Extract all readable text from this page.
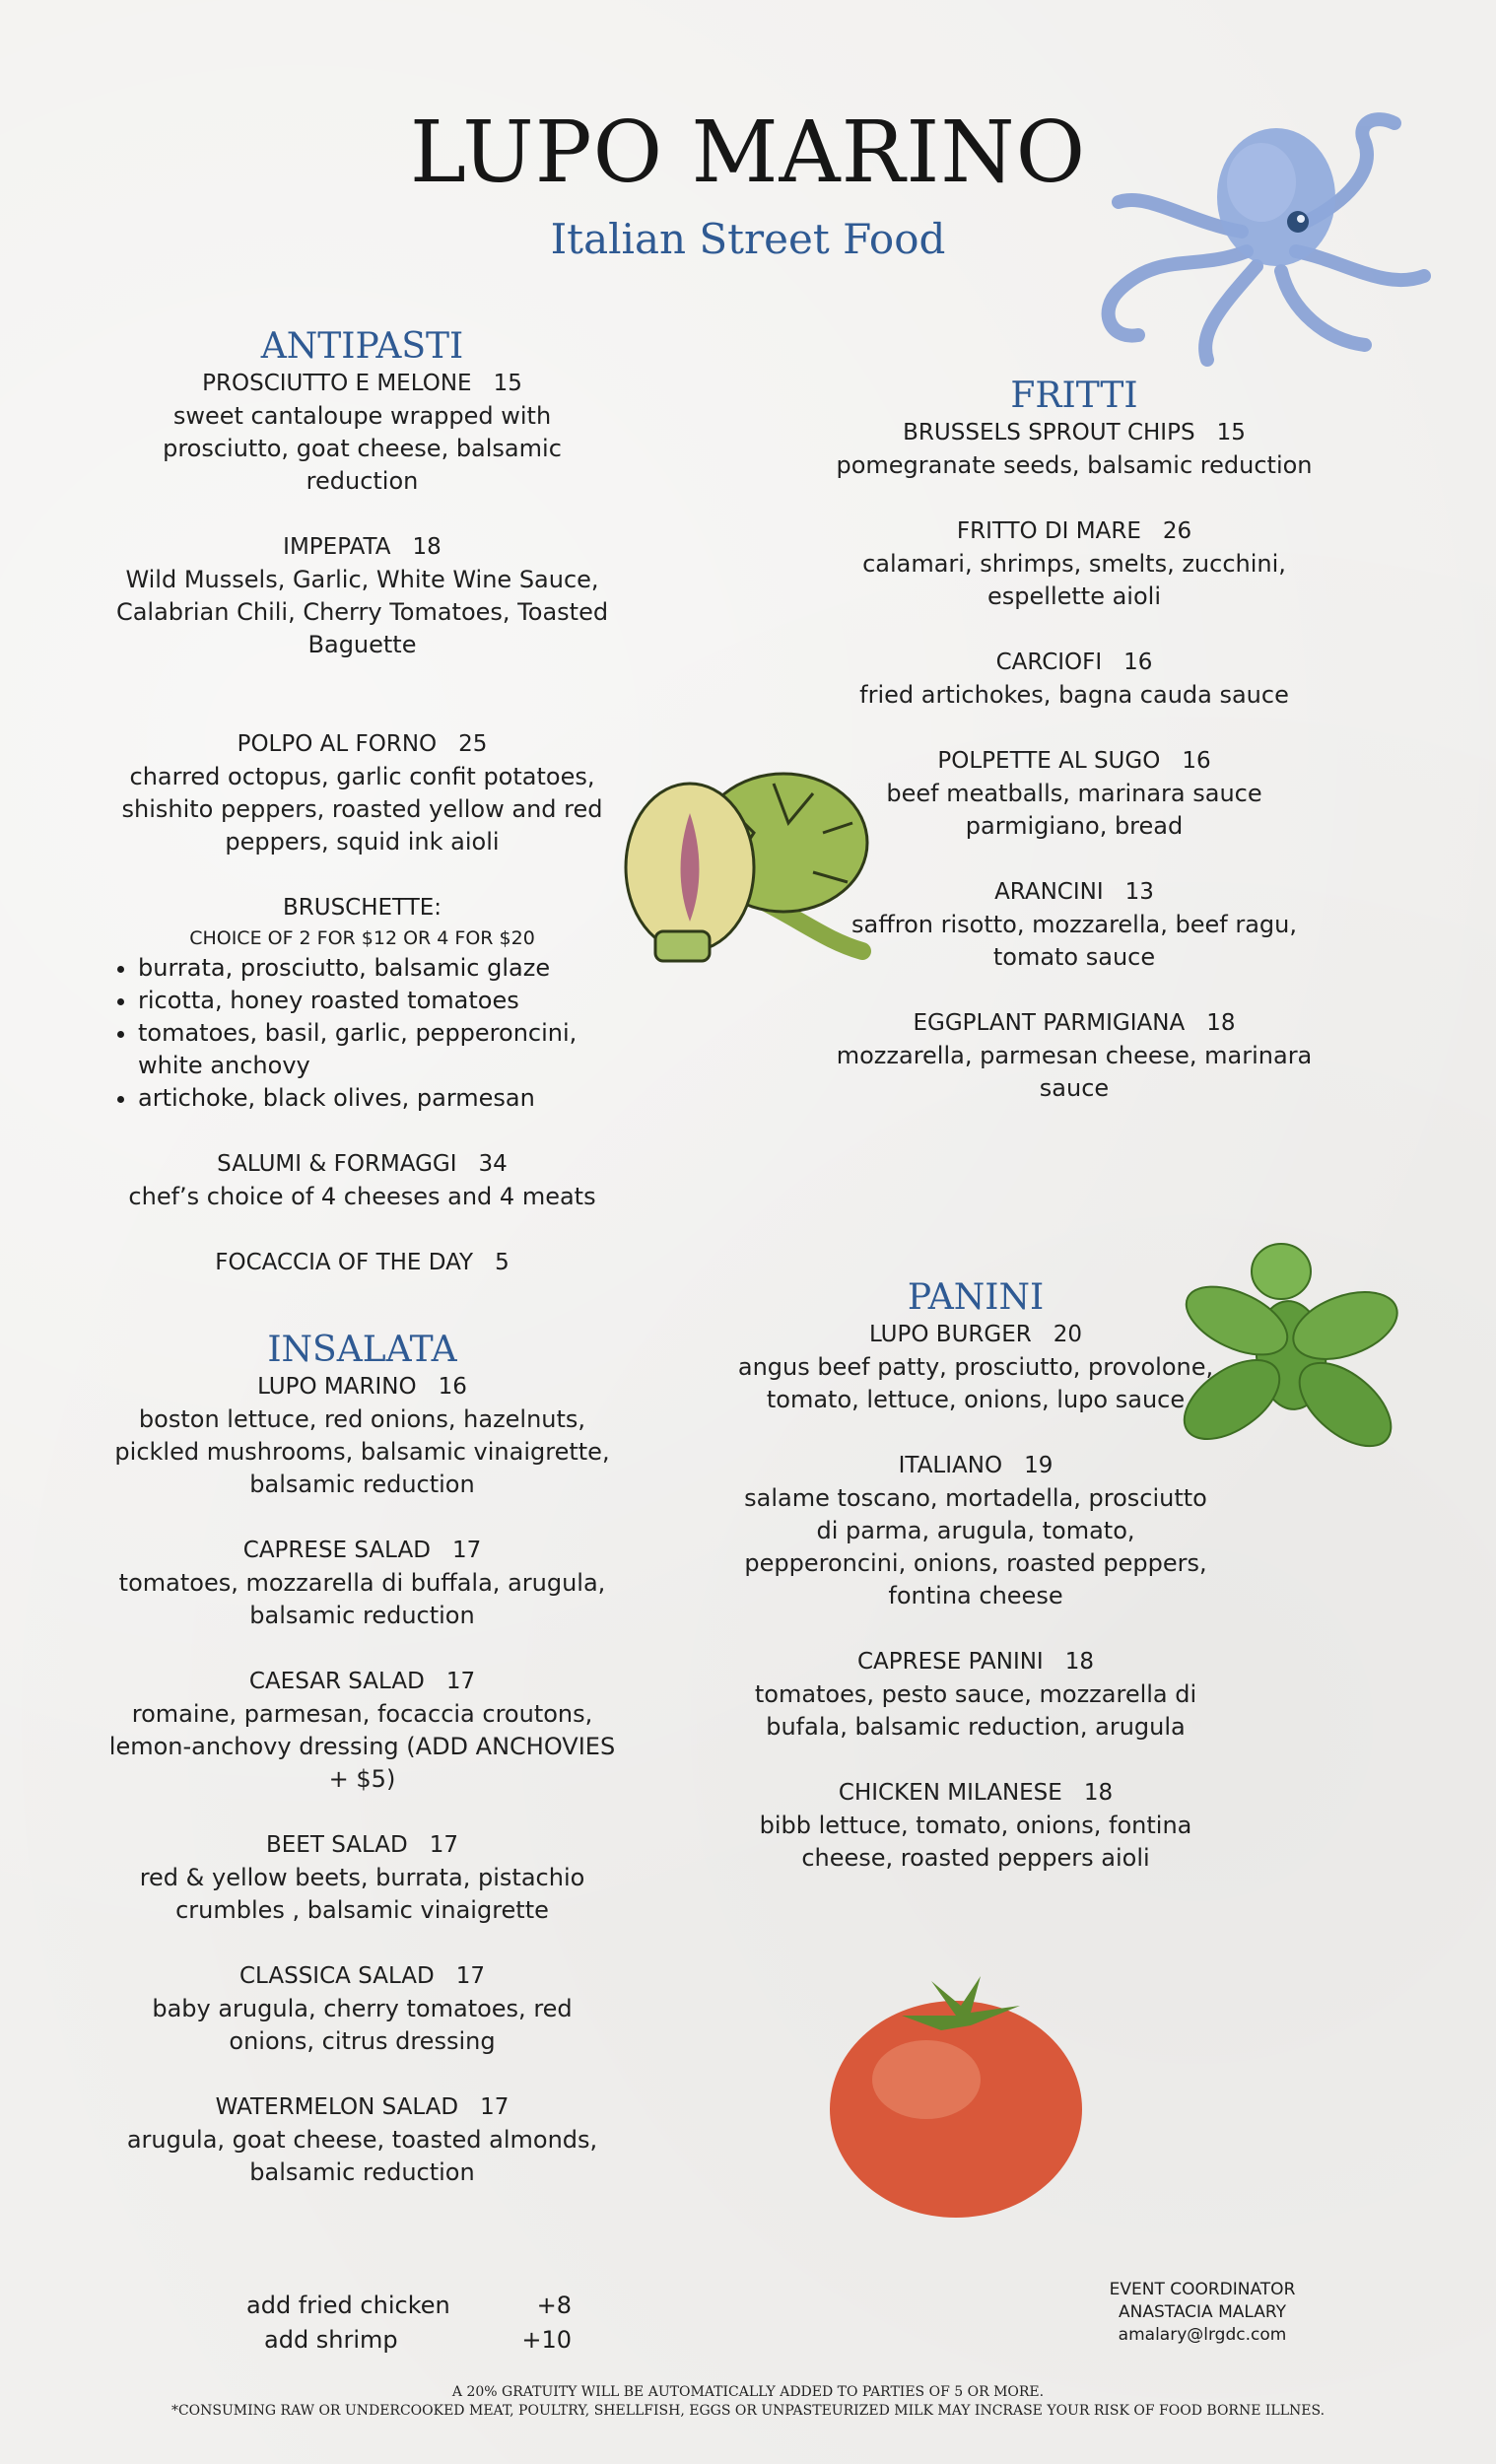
LUPO MARINO
Italian Street Food
ANTIPASTI
PROSCIUTTO E MELONE 15
sweet cantaloupe wrapped with prosciutto, goat cheese, balsamic reduction
IMPEPATA 18
Wild Mussels, Garlic, White Wine Sauce, Calabrian Chili, Cherry Tomatoes, Toasted Baguette
POLPO AL FORNO 25
charred octopus, garlic confit potatoes, shishito peppers, roasted yellow and red peppers, squid ink aioli
BRUSCHETTE:
CHOICE OF 2 FOR $12 OR 4 FOR $20
• burrata, prosciutto, balsamic glaze
• ricotta, honey roasted tomatoes
• tomatoes, basil, garlic, pepperoncini, white anchovy
• artichoke, black olives, parmesan
SALUMI & FORMAGGI 34
chef’s choice of 4 cheeses and 4 meats
FOCACCIA OF THE DAY 5
INSALATA
LUPO MARINO 16
boston lettuce, red onions, hazelnuts, pickled mushrooms, balsamic vinaigrette, balsamic reduction
CAPRESE SALAD 17
tomatoes, mozzarella di buffala, arugula, balsamic reduction
CAESAR SALAD 17
romaine, parmesan, focaccia croutons, lemon-anchovy dressing (ADD ANCHOVIES + $5)
BEET SALAD 17
red & yellow beets, burrata, pistachio crumbles , balsamic vinaigrette
CLASSICA SALAD 17
baby arugula, cherry tomatoes, red onions, citrus dressing
WATERMELON SALAD 17
arugula, goat cheese, toasted almonds, balsamic reduction
FRITTI
BRUSSELS SPROUT CHIPS 15
pomegranate seeds, balsamic reduction
FRITTO DI MARE 26
calamari, shrimps, smelts, zucchini, espellette aioli
CARCIOFI 16
fried artichokes, bagna cauda sauce
POLPETTE AL SUGO 16
beef meatballs, marinara sauce parmigiano, bread
ARANCINI 13
saffron risotto, mozzarella, beef ragu, tomato sauce
EGGPLANT PARMIGIANA 18
mozzarella, parmesan cheese, marinara sauce
PANINI
LUPO BURGER 20
angus beef patty, prosciutto, provolone, tomato, lettuce, onions, lupo sauce
ITALIANO 19
salame toscano, mortadella, prosciutto di parma, arugula, tomato, pepperoncini, onions, roasted peppers, fontina cheese
CAPRESE PANINI 18
tomatoes, pesto sauce, mozzarella di bufala, balsamic reduction, arugula
CHICKEN MILANESE 18
bibb lettuce, tomato, onions, fontina cheese, roasted peppers aioli
add fried chicken	+8
add shrimp	+10
EVENT COORDINATOR
ANASTACIA MALARY
amalary@lrgdc.com
A 20% GRATUITY WILL BE AUTOMATICALLY ADDED TO PARTIES OF 5 OR MORE.
*CONSUMING RAW OR UNDERCOOKED MEAT, POULTRY, SHELLFISH, EGGS OR UNPASTEURIZED MILK MAY INCRASE YOUR RISK OF FOOD BORNE ILLNES.
